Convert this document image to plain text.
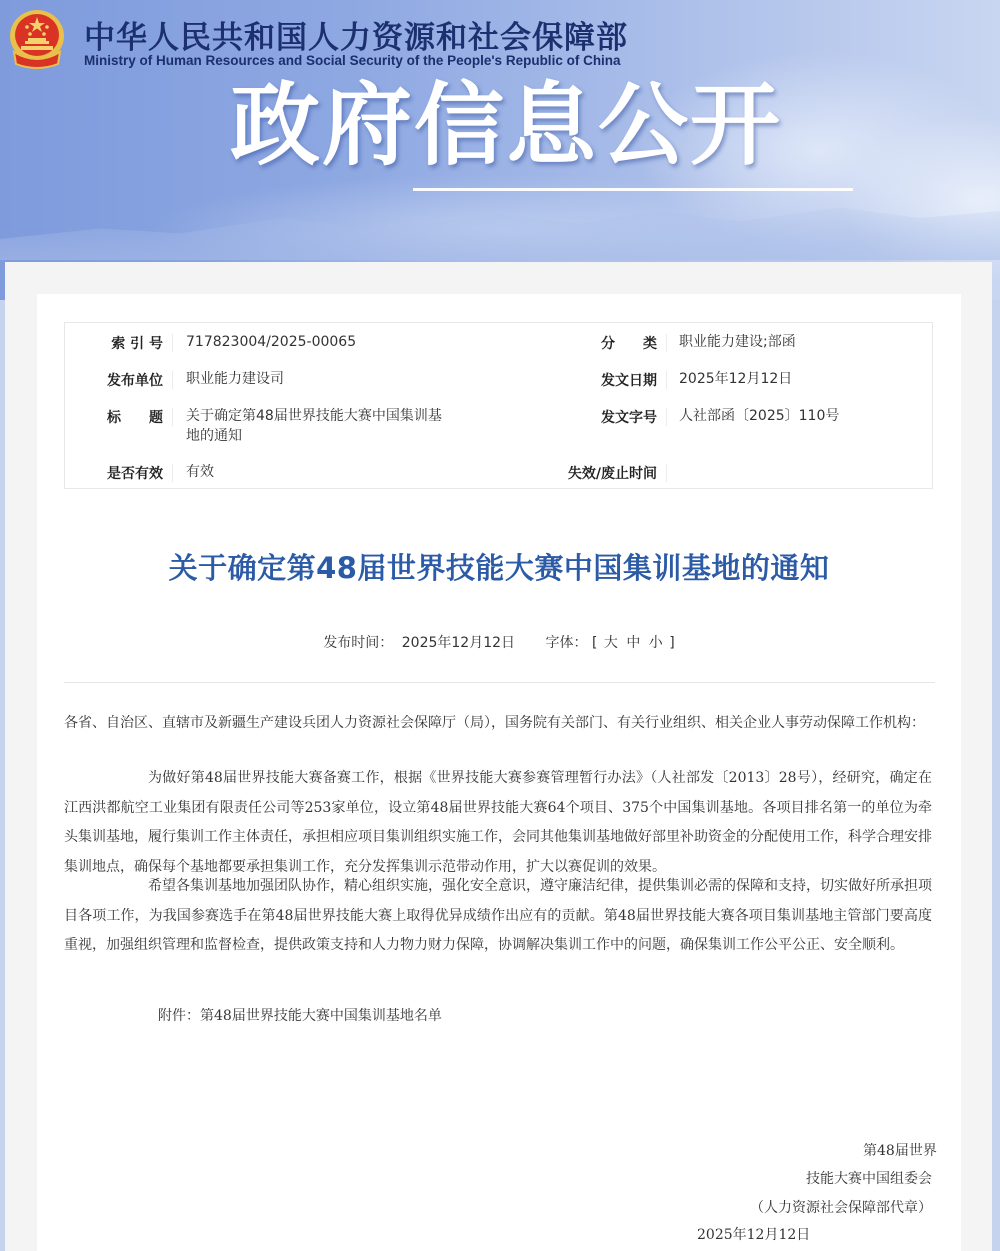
中华人民共和国人力资源和社会保障部
Ministry of Human Resources and Social Security of the People's Republic of China
政府信息公开
索 引 号 717823004/2025-00065	分　　类 职业能力建设;部函
发布单位 职业能力建设司	发文日期 2025年12月12日
标　　题 关于确定第48届世界技能大赛中国集训基
地的通知
发文字号 人社部函〔2025〕110号
是否有效 有效	失效/废止时间
关于确定第48届世界技能大赛中国集训基地的通知
发布时间： 2025年12月12日 字体： [ 大 中 小 ]
各省、自治区、直辖市及新疆生产建设兵团人力资源社会保障厅（局），国务院有关部门、有关行业组织、相关企业人事劳动保障工作机构：
为做好第48届世界技能大赛备赛工作，根据《世界技能大赛参赛管理暂行办法》（人社部发〔2013〕28号），经研究，确定在江西洪都航空工业集团有限责任公司等253家单位，设立第48届世界技能大赛64个项目、375个中国集训基地。各项目排名第一的单位为牵头集训基地，履行集训工作主体责任，承担相应项目集训组织实施工作，会同其他集训基地做好部里补助资金的分配使用工作，科学合理安排集训地点，确保每个基地都要承担集训工作，充分发挥集训示范带动作用，扩大以赛促训的效果。
希望各集训基地加强团队协作，精心组织实施，强化安全意识，遵守廉洁纪律，提供集训必需的保障和支持，切实做好所承担项目各项工作，为我国参赛选手在第48届世界技能大赛上取得优异成绩作出应有的贡献。第48届世界技能大赛各项目集训基地主管部门要高度重视，加强组织管理和监督检查，提供政策支持和人力物力财力保障，协调解决集训工作中的问题，确保集训工作公平公正、安全顺利。
附件：第48届世界技能大赛中国集训基地名单
第48届世界
技能大赛中国组委会
（人力资源社会保障部代章）
2025年12月12日
